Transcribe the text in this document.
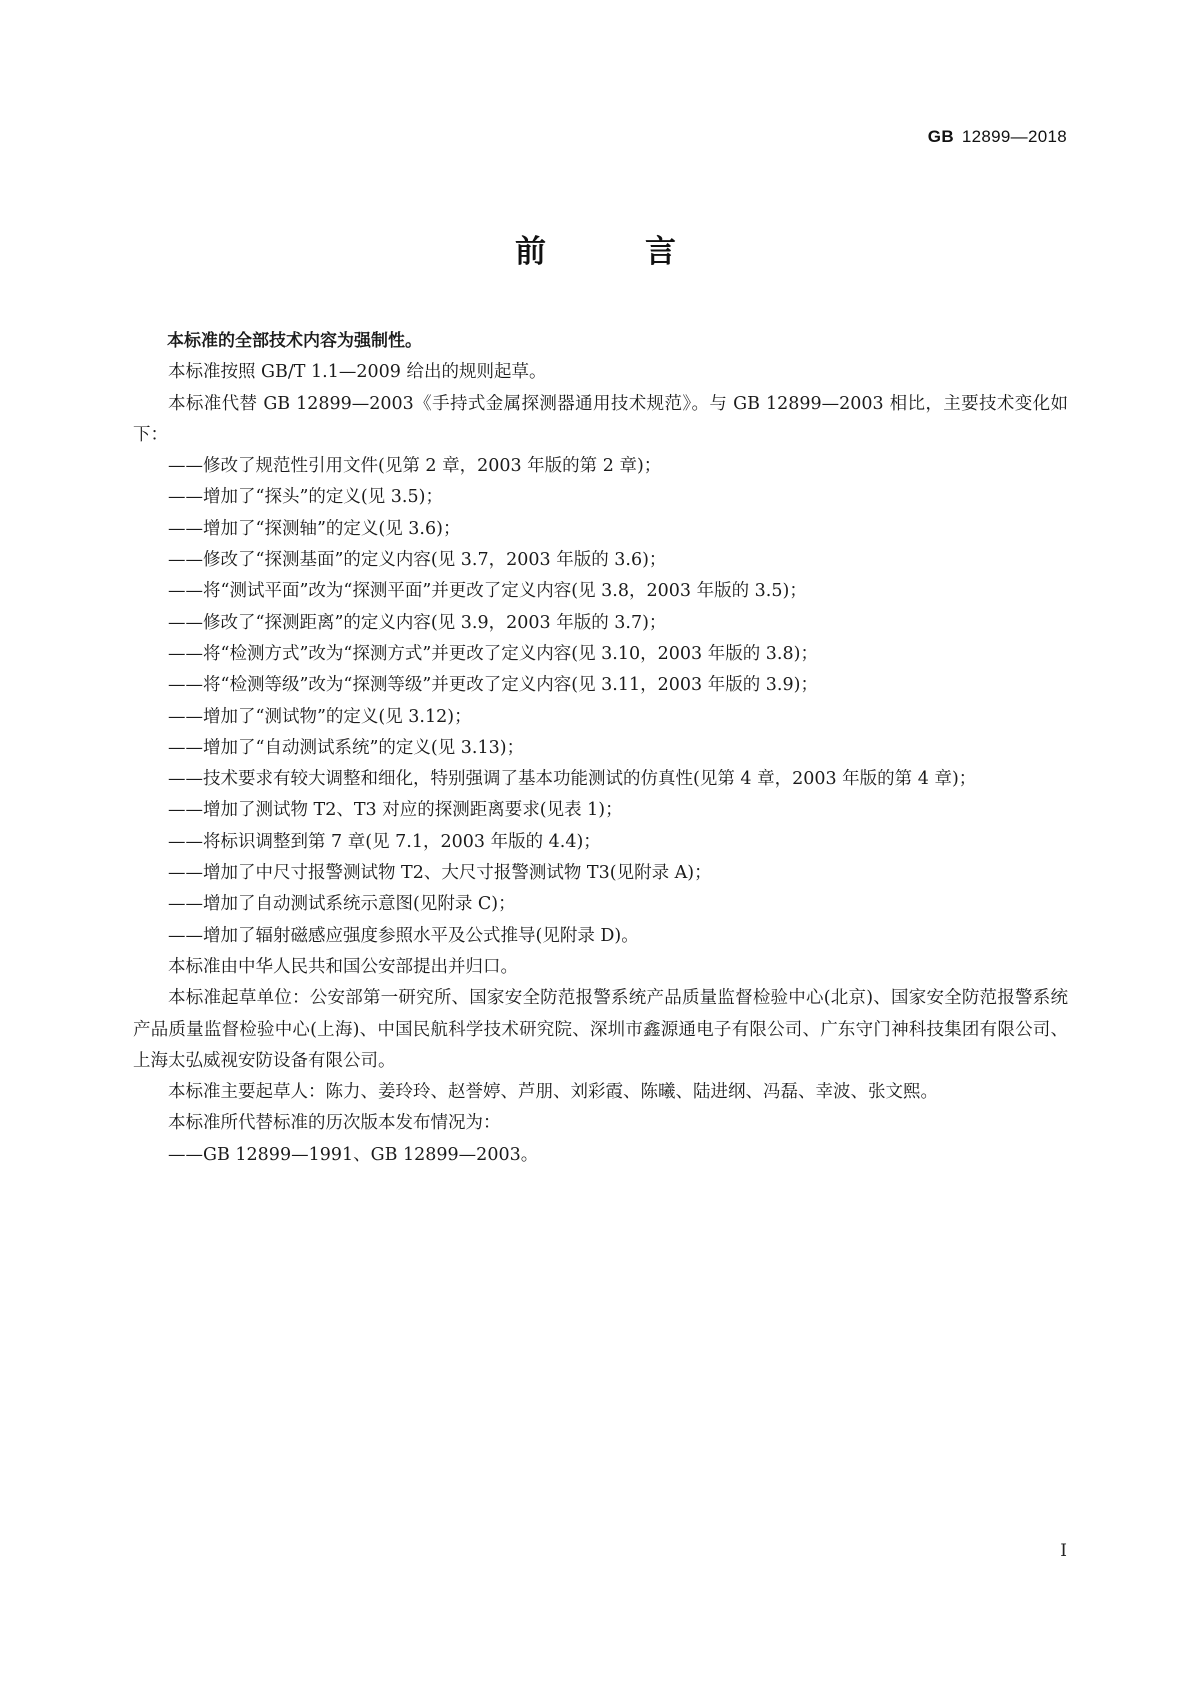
GB 12899—2018
前　言

本标准的全部技术内容为强制性。

本标准按照 GB/T 1.1—2009 给出的规则起草。

本标准代替 GB 12899—2003《手持式金属探测器通用技术规范》。与 GB 12899—2003 相比，主要技术变化如下：

——修改了规范性引用文件(见第 2 章，2003 年版的第 2 章)；

——增加了“探头”的定义(见 3.5)；

——增加了“探测轴”的定义(见 3.6)；

——修改了“探测基面”的定义内容(见 3.7，2003 年版的 3.6)；

——将“测试平面”改为“探测平面”并更改了定义内容(见 3.8，2003 年版的 3.5)；

——修改了“探测距离”的定义内容(见 3.9，2003 年版的 3.7)；

——将“检测方式”改为“探测方式”并更改了定义内容(见 3.10，2003 年版的 3.8)；

——将“检测等级”改为“探测等级”并更改了定义内容(见 3.11，2003 年版的 3.9)；

——增加了“测试物”的定义(见 3.12)；

——增加了“自动测试系统”的定义(见 3.13)；

——技术要求有较大调整和细化，特别强调了基本功能测试的仿真性(见第 4 章，2003 年版的第 4 章)；

——增加了测试物 T2、T3 对应的探测距离要求(见表 1)；

——将标识调整到第 7 章(见 7.1，2003 年版的 4.4)；

——增加了中尺寸报警测试物 T2、大尺寸报警测试物 T3(见附录 A)；

——增加了自动测试系统示意图(见附录 C)；

——增加了辐射磁感应强度参照水平及公式推导(见附录 D)。

本标准由中华人民共和国公安部提出并归口。

本标准起草单位：公安部第一研究所、国家安全防范报警系统产品质量监督检验中心(北京)、国家安全防范报警系统产品质量监督检验中心(上海)、中国民航科学技术研究院、深圳市鑫源通电子有限公司、广东守门神科技集团有限公司、上海太弘威视安防设备有限公司。

本标准主要起草人：陈力、姜玲玲、赵誉婷、芦朋、刘彩霞、陈曦、陆进纲、冯磊、幸波、张文熙。

本标准所代替标准的历次版本发布情况为：

——GB 12899—1991、GB 12899—2003。

I
